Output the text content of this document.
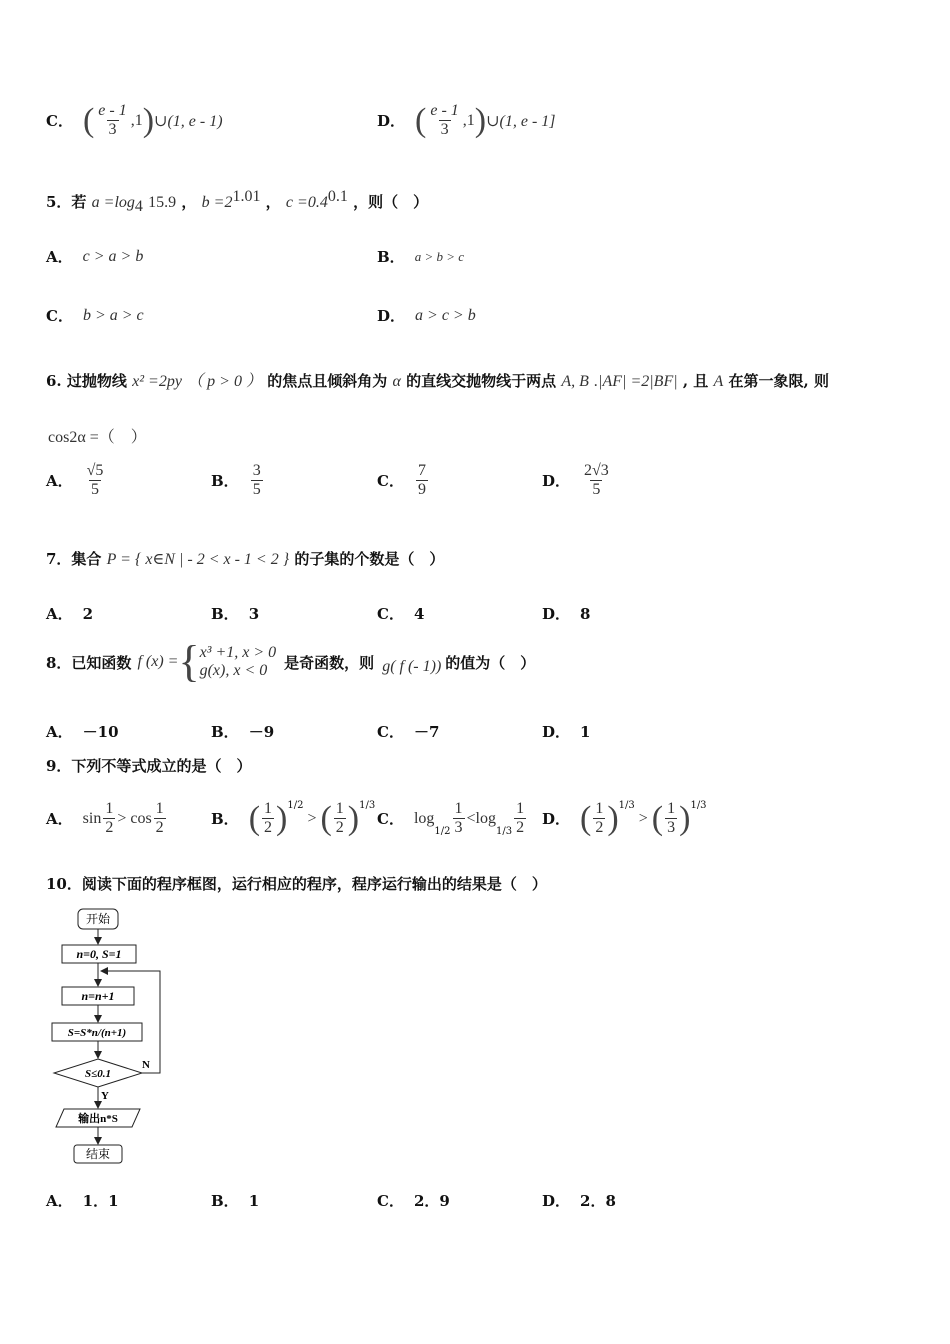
C． ( $\frac{e - 1}{3} ,1$ ) ∪(1, e - 1)	D． ( $\frac{e - 1}{3} ,1$ ) ∪(1, e - 1]
5．若 $a =\log_4$ 15.9 ， $b =2^{1.01}$ ， $c =0.4^{0.1}$ ，则（　）
A． c > a > b	B． a > b > c
C． b > a > c	D． a > c > b
6. 过抛物线 x² =2py （ p > 0 ） 的焦点且倾斜角为 α 的直线交抛物线于两点 A, B .|AF| =2|BF| , 且 A 在第一象限, 则
cos2α =（　）
A． $\frac{√5}{5}$	B． $\frac{3}{5}$	C． $\frac{7}{9}$	D． $\frac{2√3}{5}$
7．集合 P = { x∈N | - 2 < x - 1 < 2 } 的子集的个数是（　）
A． 2	B． 3	C． 4	D． 8
8．已知函数 f (x) = { x³ +1, x > 0
g(x), x < 0	是奇函数，则 g( f (- 1)) 的值为（　）
A． －10	B． －9	C． －7	D． 1
9．下列不等式成立的是（　）
A． $\sin \frac{1}{2} > \cos \frac{1}{2}$	B． ( $\frac{1}{2} )^{1/2}$
> ( $\frac{1}{2} )^{1/3}$
C． log
$_{1/2} \frac{1}{3} < \log$
$_{1/3} \frac{1}{2}$ D． ( $\frac{1}{2} )^{1/3}$
> ( $\frac{1}{3} )^{1/3}$
10．阅读下面的程序框图，运行相应的程序，程序运行输出的结果是（　）
开始
n=0, S=1
n=n+1
S=S*n/(n+1)
S≤0.1
N
Y
输出n*S
结束
A． 1．1	B． 1	C． 2．9	D． 2．8
